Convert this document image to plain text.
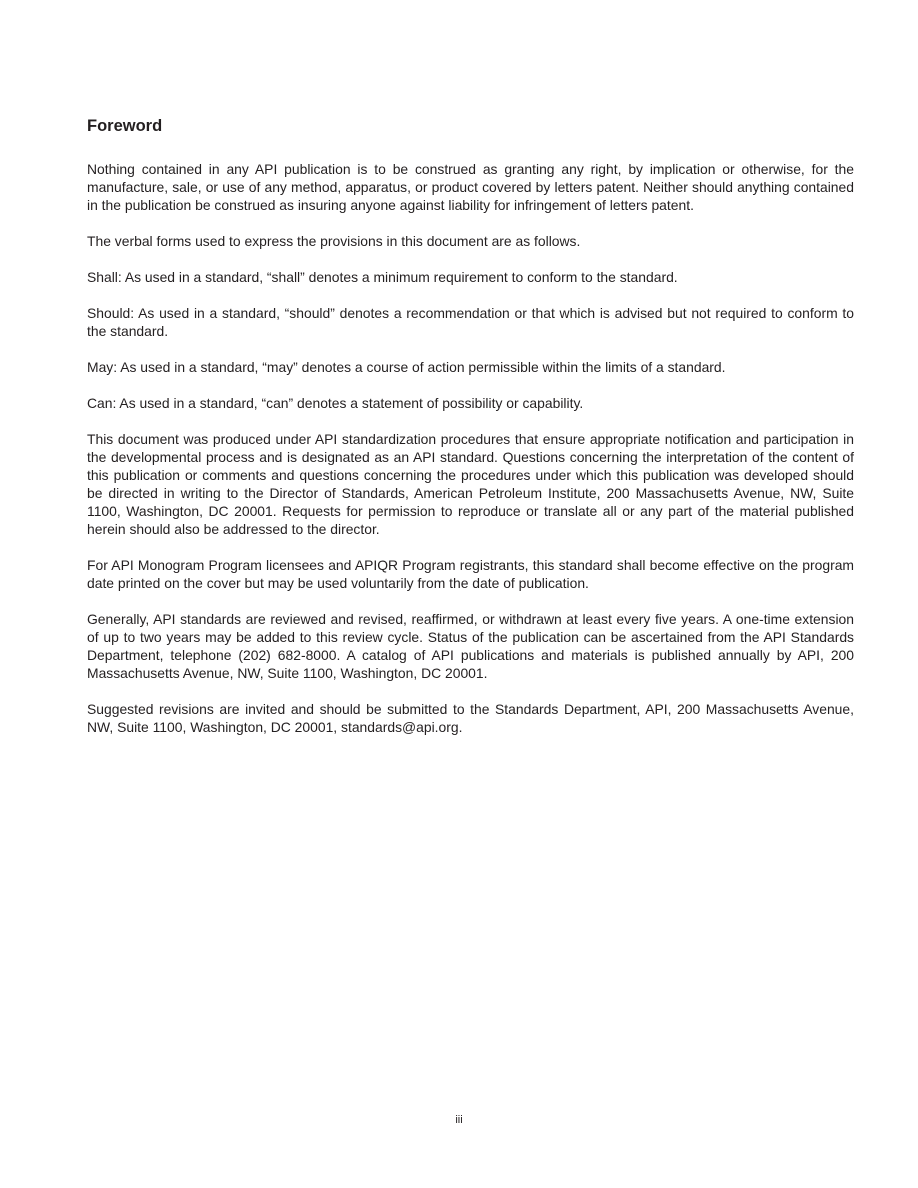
Foreword

Nothing contained in any API publication is to be construed as granting any right, by implication or otherwise, for the manufacture, sale, or use of any method, apparatus, or product covered by letters patent. Neither should anything contained in the publication be construed as insuring anyone against liability for infringement of letters patent.

The verbal forms used to express the provisions in this document are as follows.

Shall: As used in a standard, “shall” denotes a minimum requirement to conform to the standard.

Should: As used in a standard, “should” denotes a recommendation or that which is advised but not required to conform to the standard.

May: As used in a standard, “may” denotes a course of action permissible within the limits of a standard.

Can: As used in a standard, “can” denotes a statement of possibility or capability.

This document was produced under API standardization procedures that ensure appropriate notification and participation in the developmental process and is designated as an API standard. Questions concerning the interpretation of the content of this publication or comments and questions concerning the procedures under which this publication was developed should be directed in writing to the Director of Standards, American Petroleum Institute, 200 Massachusetts Avenue, NW, Suite 1100, Washington, DC 20001. Requests for permission to reproduce or translate all or any part of the material published herein should also be addressed to the director.

For API Monogram Program licensees and APIQR Program registrants, this standard shall become effective on the program date printed on the cover but may be used voluntarily from the date of publication.

Generally, API standards are reviewed and revised, reaffirmed, or withdrawn at least every five years. A one-time extension of up to two years may be added to this review cycle. Status of the publication can be ascertained from the API Standards Department, telephone (202) 682-8000. A catalog of API publications and materials is published annually by API, 200 Massachusetts Avenue, NW, Suite 1100, Washington, DC 20001.

Suggested revisions are invited and should be submitted to the Standards Department, API, 200 Massachusetts Avenue, NW, Suite 1100, Washington, DC 20001, standards@api.org.

iii
